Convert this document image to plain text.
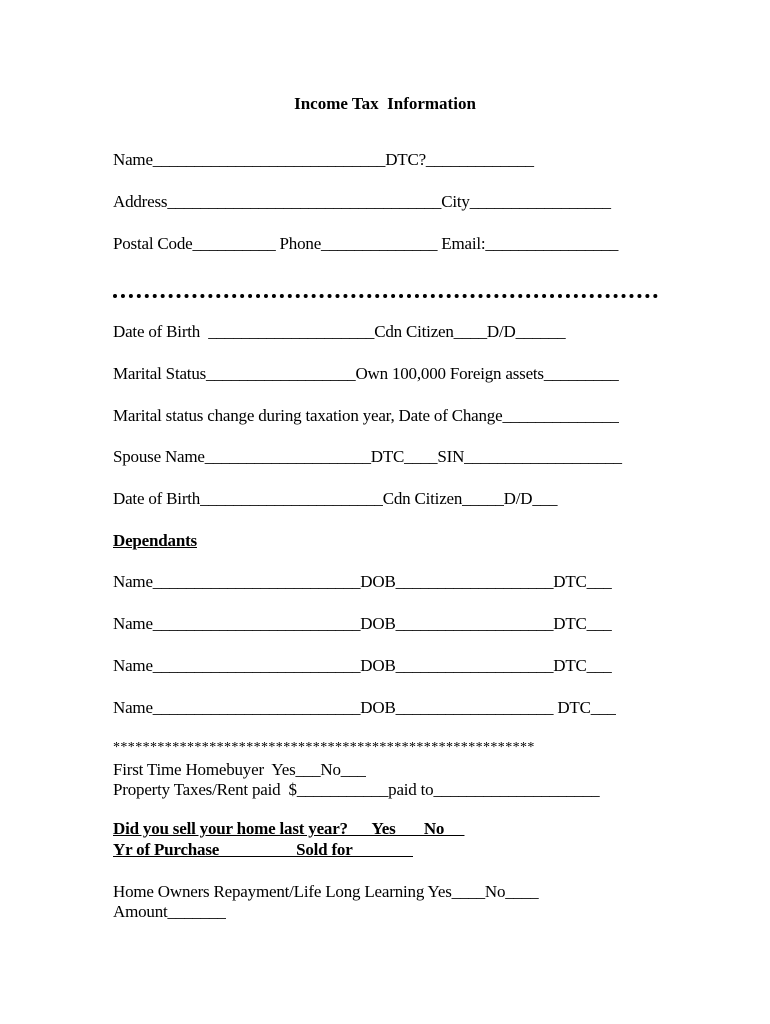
Income Tax  Information
Name____________________________DTC?_____________
Address_________________________________City_________________
Postal Code__________ Phone______________ Email:________________
Date of Birth  ____________________Cdn Citizen____D/D______
Marital Status__________________Own 100,000 Foreign assets_________
Marital status change during taxation year, Date of Change______________
Spouse Name____________________DTC____SIN___________________
Date of Birth______________________Cdn Citizen_____D/D___
Dependants
Name_________________________DOB___________________DTC___
Name_________________________DOB___________________DTC___
Name_________________________DOB___________________DTC___
Name_________________________DOB___________________ DTC___
*********************************************************
First Time Homebuyer  Yes___No___
Property Taxes/Rent paid  $___________paid to____________________
Did you sell your home last year?      Yes       No
Yr of Purchase                   Sold for
Home Owners Repayment/Life Long Learning Yes____No____
Amount_______
